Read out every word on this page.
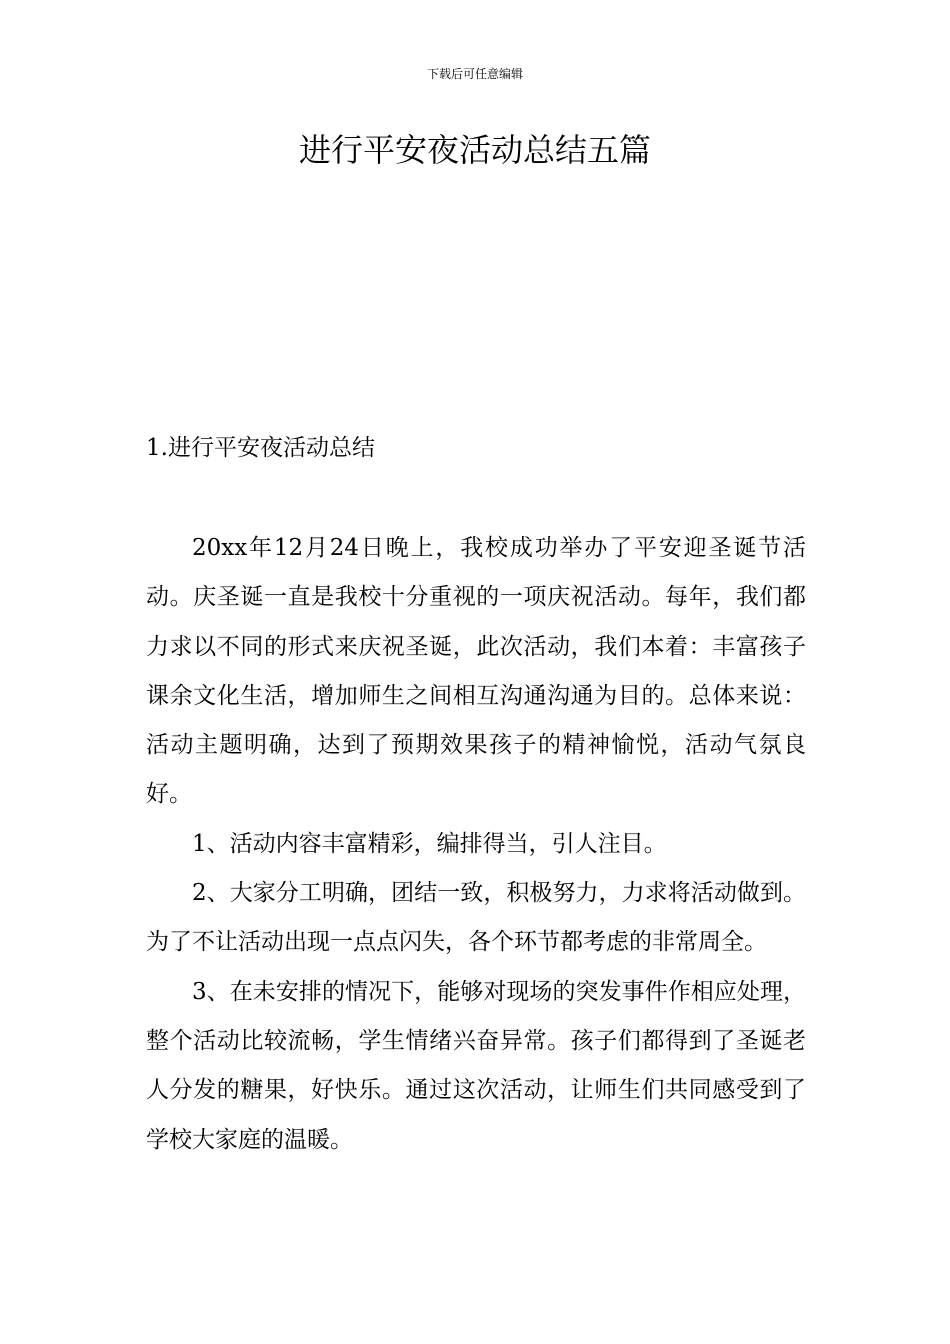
下载后可任意编辑
进行平安夜活动总结五篇
1.进行平安夜活动总结

20xx年12月24日晚上，我校成功举办了平安迎圣诞节活动。庆圣诞一直是我校十分重视的一项庆祝活动。每年，我们都力求以不同的形式来庆祝圣诞，此次活动，我们本着：丰富孩子课余文化生活，增加师生之间相互沟通沟通为目的。总体来说：活动主题明确，达到了预期效果孩子的精神愉悦，活动气氛良好。

1、活动内容丰富精彩，编排得当，引人注目。

2、大家分工明确，团结一致，积极努力，力求将活动做到。为了不让活动出现一点点闪失，各个环节都考虑的非常周全。

3、在未安排的情况下，能够对现场的突发事件作相应处理，整个活动比较流畅，学生情绪兴奋异常。孩子们都得到了圣诞老人分发的糖果，好快乐。通过这次活动，让师生们共同感受到了学校大家庭的温暖。
